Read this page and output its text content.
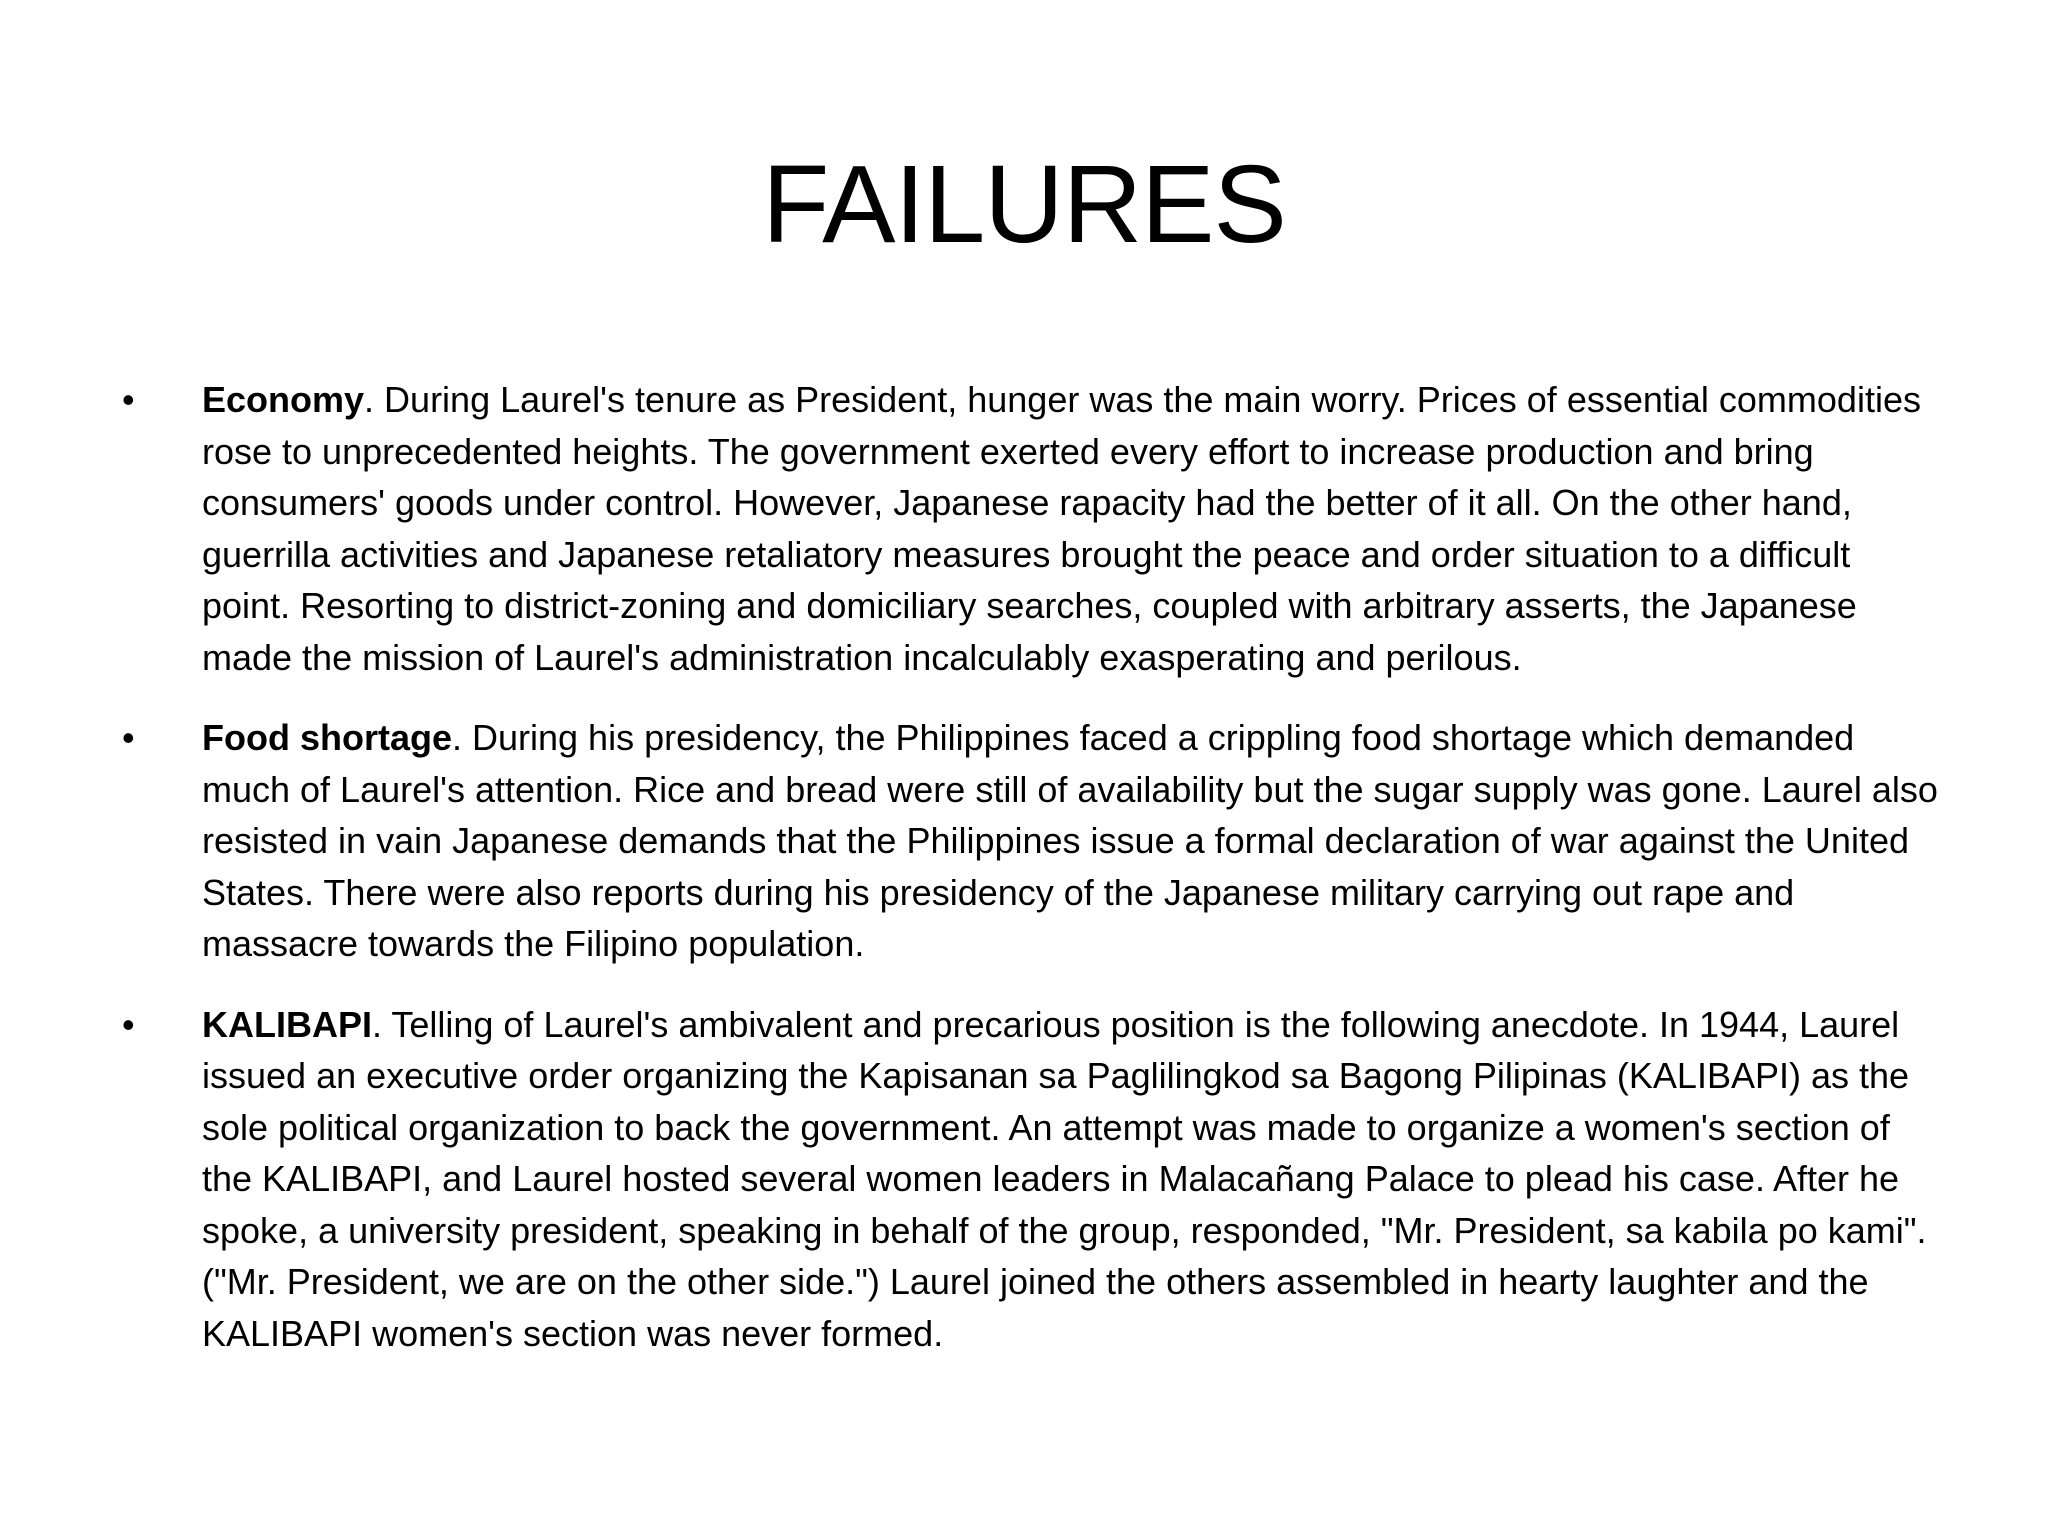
FAILURES
•	Economy. During Laurel's tenure as President, hunger was the main worry. Prices of essential commodities rose to unprecedented heights. The government exerted every effort to increase production and bring consumers' goods under control. However, Japanese rapacity had the better of it all. On the other hand, guerrilla activities and Japanese retaliatory measures brought the peace and order situation to a difficult point. Resorting to district-zoning and domiciliary searches, coupled with arbitrary asserts, the Japanese made the mission of Laurel's administration incalculably exasperating and perilous.
•	Food shortage. During his presidency, the Philippines faced a crippling food shortage which demanded much of Laurel's attention. Rice and bread were still of availability but the sugar supply was gone. Laurel also resisted in vain Japanese demands that the Philippines issue a formal declaration of war against the United States. There were also reports during his presidency of the Japanese military carrying out rape and massacre towards the Filipino population.
•	KALIBAPI. Telling of Laurel's ambivalent and precarious position is the following anecdote. In 1944, Laurel issued an executive order organizing the Kapisanan sa Paglilingkod sa Bagong Pilipinas (KALIBAPI) as the sole political organization to back the government. An attempt was made to organize a women's section of the KALIBAPI, and Laurel hosted several women leaders in Malacañang Palace to plead his case. After he spoke, a university president, speaking in behalf of the group, responded, "Mr. President, sa kabila po kami". ("Mr. President, we are on the other side.") Laurel joined the others assembled in hearty laughter and the KALIBAPI women's section was never formed.
